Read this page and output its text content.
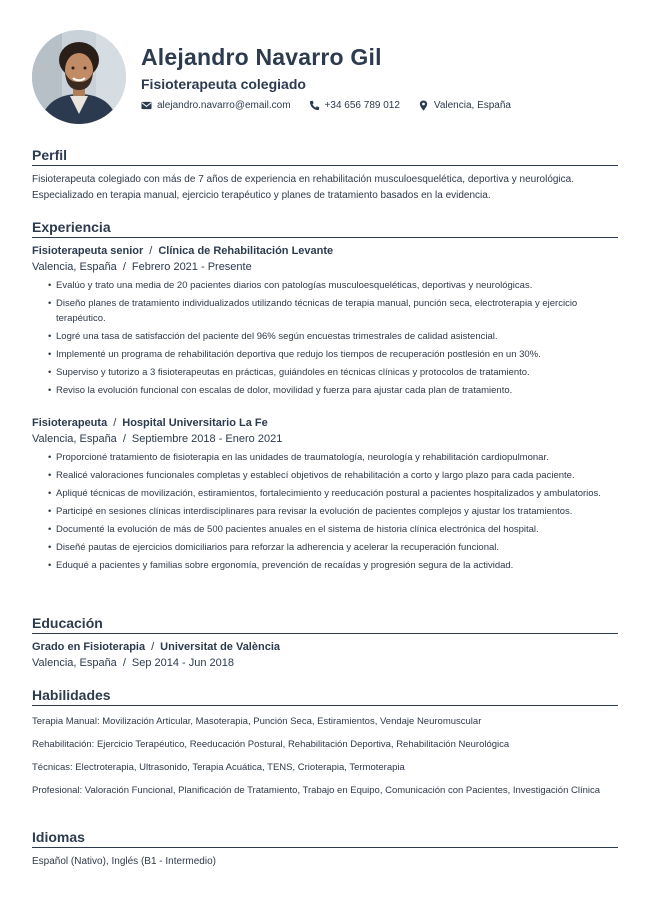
Alejandro Navarro Gil
Fisioterapeuta colegiado
alejandro.navarro@email.com	+34 656 789 012	Valencia, España
Perfil
Fisioterapeuta colegiado con más de 7 años de experiencia en rehabilitación musculoesquelética, deportiva y neurológica. Especializado en terapia manual, ejercicio terapéutico y planes de tratamiento basados en la evidencia.
Experiencia
Fisioterapeuta senior / Clínica de Rehabilitación Levante
Valencia, España / Febrero 2021 - Presente
• Evalúo y trato una media de 20 pacientes diarios con patologías musculoesqueléticas, deportivas y neurológicas.
• Diseño planes de tratamiento individualizados utilizando técnicas de terapia manual, punción seca, electroterapia y ejercicio terapéutico.
• Logré una tasa de satisfacción del paciente del 96% según encuestas trimestrales de calidad asistencial.
• Implementé un programa de rehabilitación deportiva que redujo los tiempos de recuperación postlesión en un 30%.
• Superviso y tutorizo a 3 fisioterapeutas en prácticas, guiándoles en técnicas clínicas y protocolos de tratamiento.
• Reviso la evolución funcional con escalas de dolor, movilidad y fuerza para ajustar cada plan de tratamiento.
Fisioterapeuta / Hospital Universitario La Fe
Valencia, España / Septiembre 2018 - Enero 2021
• Proporcioné tratamiento de fisioterapia en las unidades de traumatología, neurología y rehabilitación cardiopulmonar.
• Realicé valoraciones funcionales completas y establecí objetivos de rehabilitación a corto y largo plazo para cada paciente.
• Apliqué técnicas de movilización, estiramientos, fortalecimiento y reeducación postural a pacientes hospitalizados y ambulatorios.
• Participé en sesiones clínicas interdisciplinares para revisar la evolución de pacientes complejos y ajustar los tratamientos.
• Documenté la evolución de más de 500 pacientes anuales en el sistema de historia clínica electrónica del hospital.
• Diseñé pautas de ejercicios domiciliarios para reforzar la adherencia y acelerar la recuperación funcional.
• Eduqué a pacientes y familias sobre ergonomía, prevención de recaídas y progresión segura de la actividad.
Educación
Grado en Fisioterapia / Universitat de València
Valencia, España / Sep 2014 - Jun 2018
Habilidades
Terapia Manual: Movilización Articular, Masoterapia, Punción Seca, Estiramientos, Vendaje Neuromuscular
Rehabilitación: Ejercicio Terapéutico, Reeducación Postural, Rehabilitación Deportiva, Rehabilitación Neurológica
Técnicas: Electroterapia, Ultrasonido, Terapia Acuática, TENS, Crioterapia, Termoterapia
Profesional: Valoración Funcional, Planificación de Tratamiento, Trabajo en Equipo, Comunicación con Pacientes, Investigación Clínica
Idiomas
Español (Nativo), Inglés (B1 - Intermedio)
